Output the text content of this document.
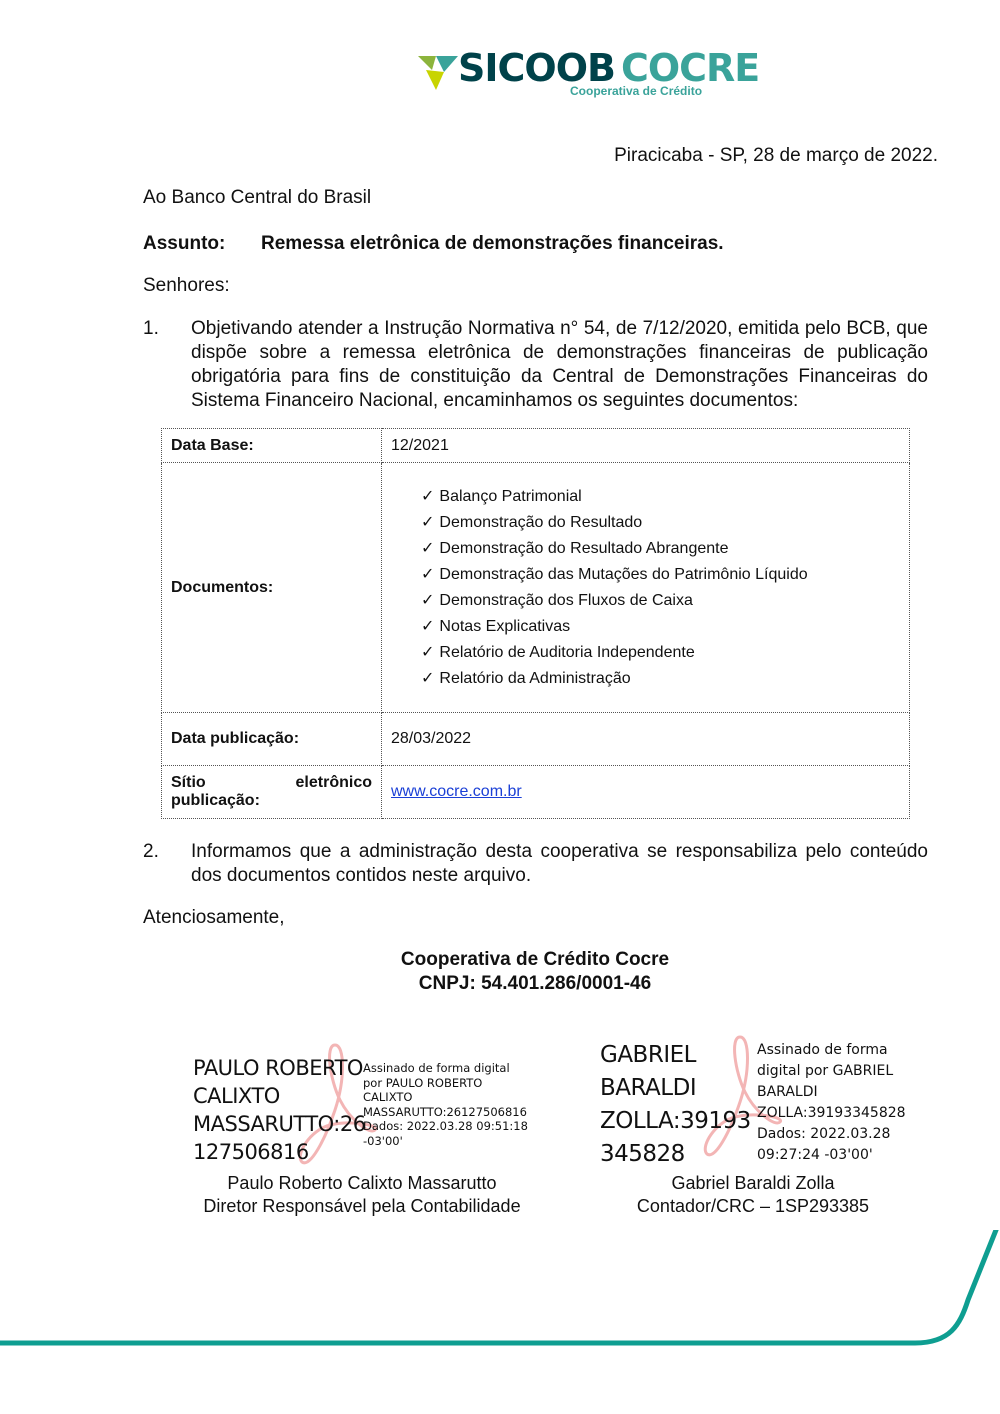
SICOOB COCRE
Cooperativa de Crédito
Piracicaba - SP, 28 de março de 2022.
Ao Banco Central do Brasil
Assunto: Remessa eletrônica de demonstrações financeiras.
Senhores:
1. Objetivando atender a Instrução Normativa n° 54, de 7/12/2020, emitida pelo BCB, que dispõe sobre a remessa eletrônica de demonstrações financeiras de publicação obrigatória para fins de constituição da Central de Demonstrações Financeiras do Sistema Financeiro Nacional, encaminhamos os seguintes documentos:
Data Base:	12/2021
Documentos:	
✓ Balanço Patrimonial
✓ Demonstração do Resultado
✓ Demonstração do Resultado Abrangente
✓ Demonstração das Mutações do Patrimônio Líquido
✓ Demonstração dos Fluxos de Caixa
✓ Notas Explicativas
✓ Relatório de Auditoria Independente
✓ Relatório da Administração

Data publicação:	28/03/2022

Sítio eletrônico
publicação:	www.cocre.com.br
2. Informamos que a administração desta cooperativa se responsabiliza pelo conteúdo dos documentos contidos neste arquivo.
Atenciosamente,
Cooperativa de Crédito Cocre
CNPJ: 54.401.286/0001-46
PAULO ROBERTO
CALIXTO
MASSARUTTO:26
127506816
Assinado de forma digital
por PAULO ROBERTO
CALIXTO
MASSARUTTO:26127506816
Dados: 2022.03.28 09:51:18
-03'00'
Paulo Roberto Calixto Massarutto
Diretor Responsável pela Contabilidade
GABRIEL
BARALDI
ZOLLA:39193
345828
Assinado de forma
digital por GABRIEL
BARALDI
ZOLLA:39193345828
Dados: 2022.03.28
09:27:24 -03'00'
Gabriel Baraldi Zolla
Contador/CRC – 1SP293385
